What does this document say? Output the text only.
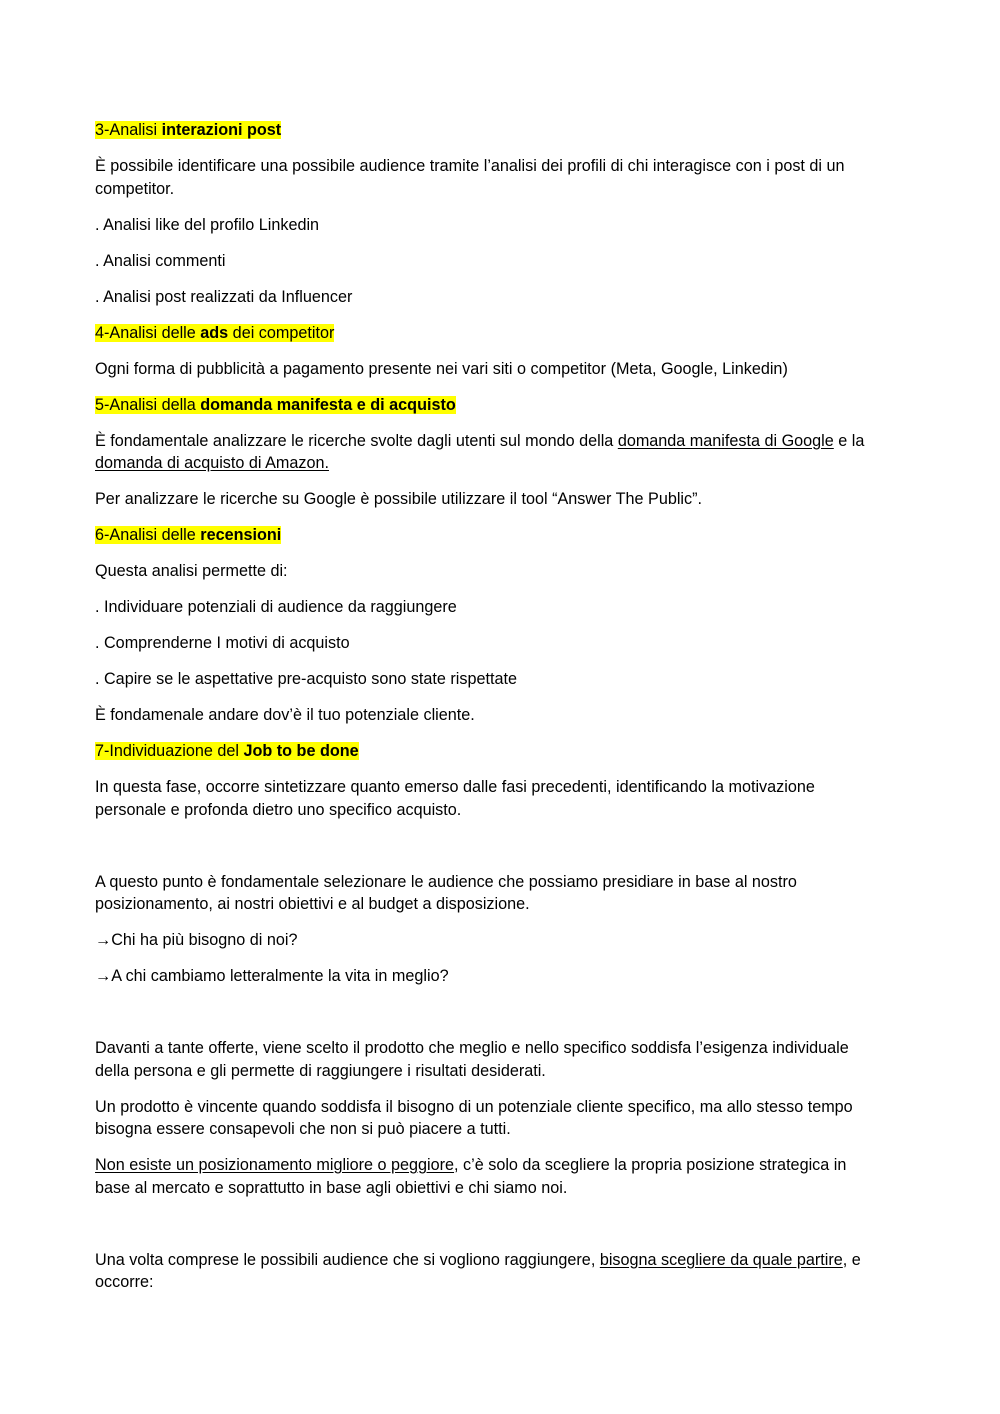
3-Analisi interazioni post
È possibile identificare una possibile audience tramite l’analisi dei profili di chi interagisce con i post di un
competitor.
. Analisi like del profilo Linkedin
. Analisi commenti
. Analisi post realizzati da Influencer
4-Analisi delle ads dei competitor
Ogni forma di pubblicità a pagamento presente nei vari siti o competitor (Meta, Google, Linkedin)
5-Analisi della domanda manifesta e di acquisto
È fondamentale analizzare le ricerche svolte dagli utenti sul mondo della domanda manifesta di Google e la
domanda di acquisto di Amazon.
Per analizzare le ricerche su Google è possibile utilizzare il tool “Answer The Public”.
6-Analisi delle recensioni
Questa analisi permette di:
. Individuare potenziali di audience da raggiungere
. Comprenderne I motivi di acquisto
. Capire se le aspettative pre-acquisto sono state rispettate
È fondamenale andare dov’è il tuo potenziale cliente.
7-Individuazione del Job to be done
In questa fase, occorre sintetizzare quanto emerso dalle fasi precedenti, identificando la motivazione
personale e profonda dietro uno specifico acquisto.
A questo punto è fondamentale selezionare le audience che possiamo presidiare in base al nostro
posizionamento, ai nostri obiettivi e al budget a disposizione.
→Chi ha più bisogno di noi?
→A chi cambiamo letteralmente la vita in meglio?
Davanti a tante offerte, viene scelto il prodotto che meglio e nello specifico soddisfa l’esigenza individuale
della persona e gli permette di raggiungere i risultati desiderati.
Un prodotto è vincente quando soddisfa il bisogno di un potenziale cliente specifico, ma allo stesso tempo
bisogna essere consapevoli che non si può piacere a tutti.
Non esiste un posizionamento migliore o peggiore, c’è solo da scegliere la propria posizione strategica in
base al mercato e soprattutto in base agli obiettivi e chi siamo noi.
Una volta comprese le possibili audience che si vogliono raggiungere, bisogna scegliere da quale partire, e
occorre:
